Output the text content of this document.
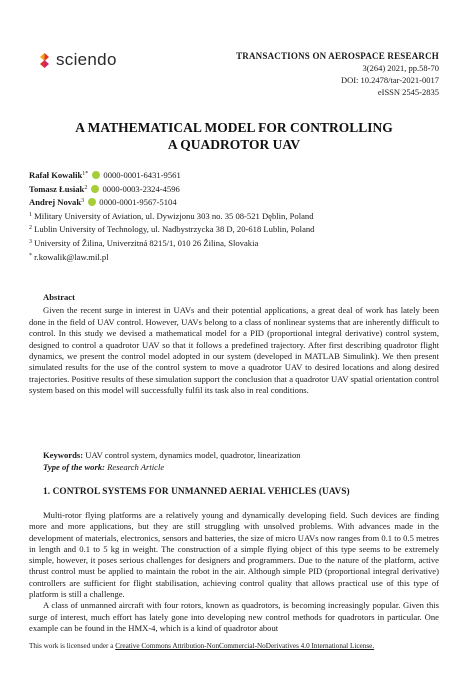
sciendo	TRANSACTIONS ON AEROSPACE RESEARCH
3(264) 2021, pp.58-70
DOI: 10.2478/tar-2021-0017
eISSN 2545-2835
A MATHEMATICAL MODEL FOR CONTROLLING
A QUADROTOR UAV
Rafał Kowalik$^{1*}$ 0000-0001-6431-9561
Tomasz Łusiak$^2$ 0000-0003-2324-4596
Andrej Novak$^3$ 0000-0001-9567-5104
$^1$ Military University of Aviation, ul. Dywizjonu 303 no. 35 08-521 Dęblin, Poland
$^2$ Lublin University of Technology, ul. Nadbystrzycka 38 D, 20-618 Lublin, Poland
$^3$ University of Žilina, Univerzitná 8215/1, 010 26 Žilina, Slovakia
* r.kowalik@law.mil.pl
Abstract
Given the recent surge in interest in UAVs and their potential applications, a great deal of work has lately been done in the field of UAV control. However, UAVs belong to a class of nonlinear systems that are inherently difficult to control. In this study we devised a mathematical model for a PID (proportional integral derivative) control system, designed to control a quadrotor UAV so that it follows a predefined trajectory. After first describing quadrotor flight dynamics, we present the control model adopted in our system (developed in MATLAB Simulink). We then present simulated results for the use of the control system to move a quadrotor UAV to desired locations and along desired trajectories. Positive results of these simulation support the conclusion that a quadrotor UAV spatial orientation control system based on this model will successfully fulfil its task also in real conditions.
Keywords: UAV control system, dynamics model, quadrotor, linearization
Type of the work: Research Article
1. CONTROL SYSTEMS FOR UNMANNED AERIAL VEHICLES (UAVS)

Multi-rotor flying platforms are a relatively young and dynamically developing field. Such devices are finding more and more applications, but they are still struggling with unsolved problems. With advances made in the development of materials, electronics, sensors and batteries, the size of micro UAVs now ranges from 0.1 to 0.5 metres in length and 0.1 to 5 kg in weight. The construction of a simple flying object of this type seems to be extremely simple, however, it poses serious challenges for designers and programmers. Due to the nature of the platform, active thrust control must be applied to maintain the robot in the air. Although simple PID (proportional integral derivative) controllers are sufficient for flight stabilisation, achieving control quality that allows practical use of this type of platform is still a challenge.

A class of unmanned aircraft with four rotors, known as quadrotors, is becoming increasingly popular. Given this surge of interest, much effort has lately gone into developing new control methods for quadrotors in particular. One example can be found in the HMX-4, which is a kind of quadrotor about

This work is licensed under a Creative Commons Attribution-NonCommercial-NoDerivatives 4.0 International License.
